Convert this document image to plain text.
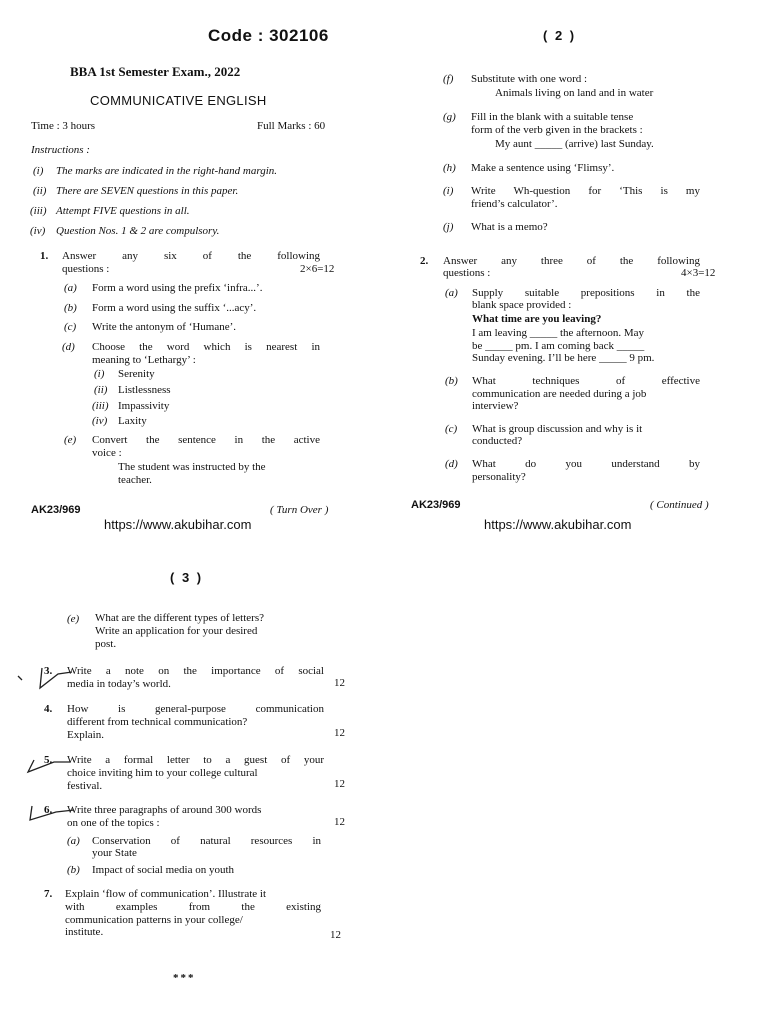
Code : 302106
BBA 1st Semester Exam., 2022
COMMUNICATIVE ENGLISH
Time : 3 hours	Full Marks : 60
Instructions :
(i) The marks are indicated in the right-hand margin.
(ii) There are SEVEN questions in this paper.
(iii) Attempt FIVE questions in all.
(iv) Question Nos. 1 & 2 are compulsory.
1. Answer any six of the following
questions :	2×6=12
(a) Form a word using the prefix ‘infra...’.
(b) Form a word using the suffix ‘...acy’.
(c) Write the antonym of ‘Humane’.
(d) Choose the word which is nearest in
meaning to ‘Lethargy’ :
(i) Serenity
(ii) Listlessness
(iii) Impassivity
(iv) Laxity
(e) Convert the sentence in the active
voice :
The student was instructed by the
teacher.
AK23/969	( Turn Over )
https://www.akubihar.com
( 2 )
(f) Substitute with one word :
Animals living on land and in water
(g) Fill in the blank with a suitable tense
form of the verb given in the brackets :
My aunt _____ (arrive) last Sunday.
(h) Make a sentence using ‘Flimsy’.
(i) Write Wh-question for ‘This is my
friend’s calculator’.
(j) What is a memo?
2. Answer any three of the following
questions :	4×3=12
(a) Supply suitable prepositions in the
blank space provided :
What time are you leaving?
I am leaving _____ the afternoon. May
be _____ pm. I am coming back _____
Sunday evening. I’ll be here _____ 9 pm.
(b) What techniques of effective
communication are needed during a job
interview?
(c) What is group discussion and why is it
conducted?
(d) What do you understand by
personality?
AK23/969	( Continued )
https://www.akubihar.com
( 3 )
(e) What are the different types of letters?
Write an application for your desired
post.
3. Write a note on the importance of social
media in today’s world.	12
4. How is general-purpose communication
different from technical communication?
Explain.	12
5. Write a formal letter to a guest of your
choice inviting him to your college cultural
festival.	12
6. Write three paragraphs of around 300 words
on one of the topics :	12
(a) Conservation of natural resources in
your State
(b) Impact of social media on youth
7. Explain ‘flow of communication’. Illustrate it
with examples from the existing
communication patterns in your college/
institute.	12
***
